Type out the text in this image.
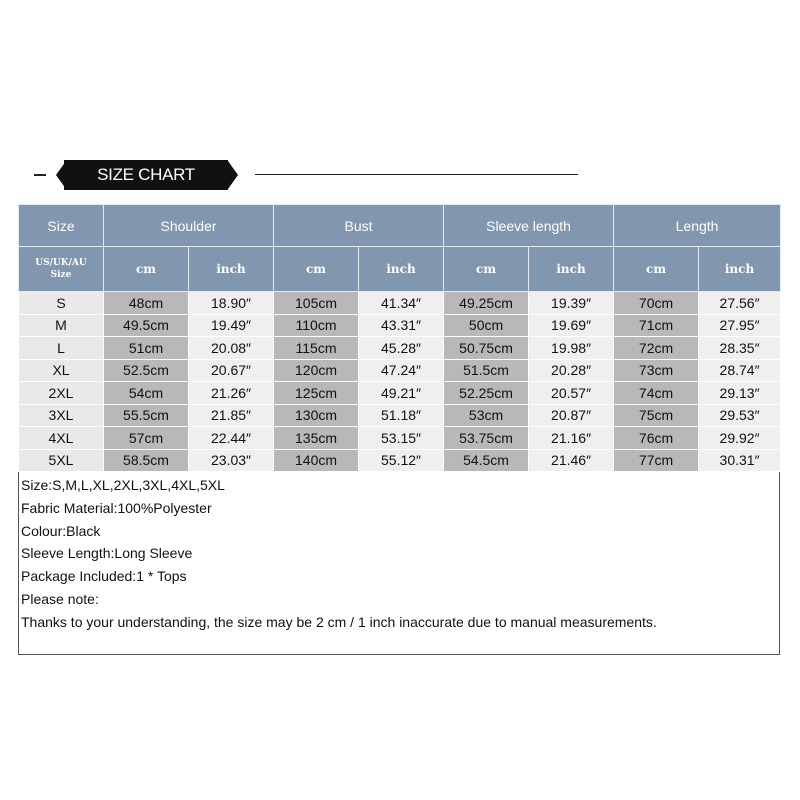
SIZE CHART
Size	Shoulder		Bust		Sleeve length		Length	
US/UK/AU
Size	cm	inch	cm	inch	cm	inch	cm	inch
S	48cm	18.90″	105cm	41.34″	49.25cm	19.39″	70cm	27.56″
M	49.5cm	19.49″	110cm	43.31″	50cm	19.69″	71cm	27.95″
L	51cm	20.08″	115cm	45.28″	50.75cm	19.98″	72cm	28.35″
XL	52.5cm	20.67″	120cm	47.24″	51.5cm	20.28″	73cm	28.74″
2XL	54cm	21.26″	125cm	49.21″	52.25cm	20.57″	74cm	29.13″
3XL	55.5cm	21.85″	130cm	51.18″	53cm	20.87″	75cm	29.53″
4XL	57cm	22.44″	135cm	53.15″	53.75cm	21.16″	76cm	29.92″
5XL	58.5cm	23.03″	140cm	55.12″	54.5cm	21.46″	77cm	30.31″
Size:S,M,L,XL,2XL,3XL,4XL,5XL
Fabric Material:100%Polyester
Colour:Black
Sleeve Length:Long Sleeve
Package Included:1 * Tops
Please note:
Thanks to your understanding, the size may be 2 cm / 1 inch inaccurate due to manual measurements.
